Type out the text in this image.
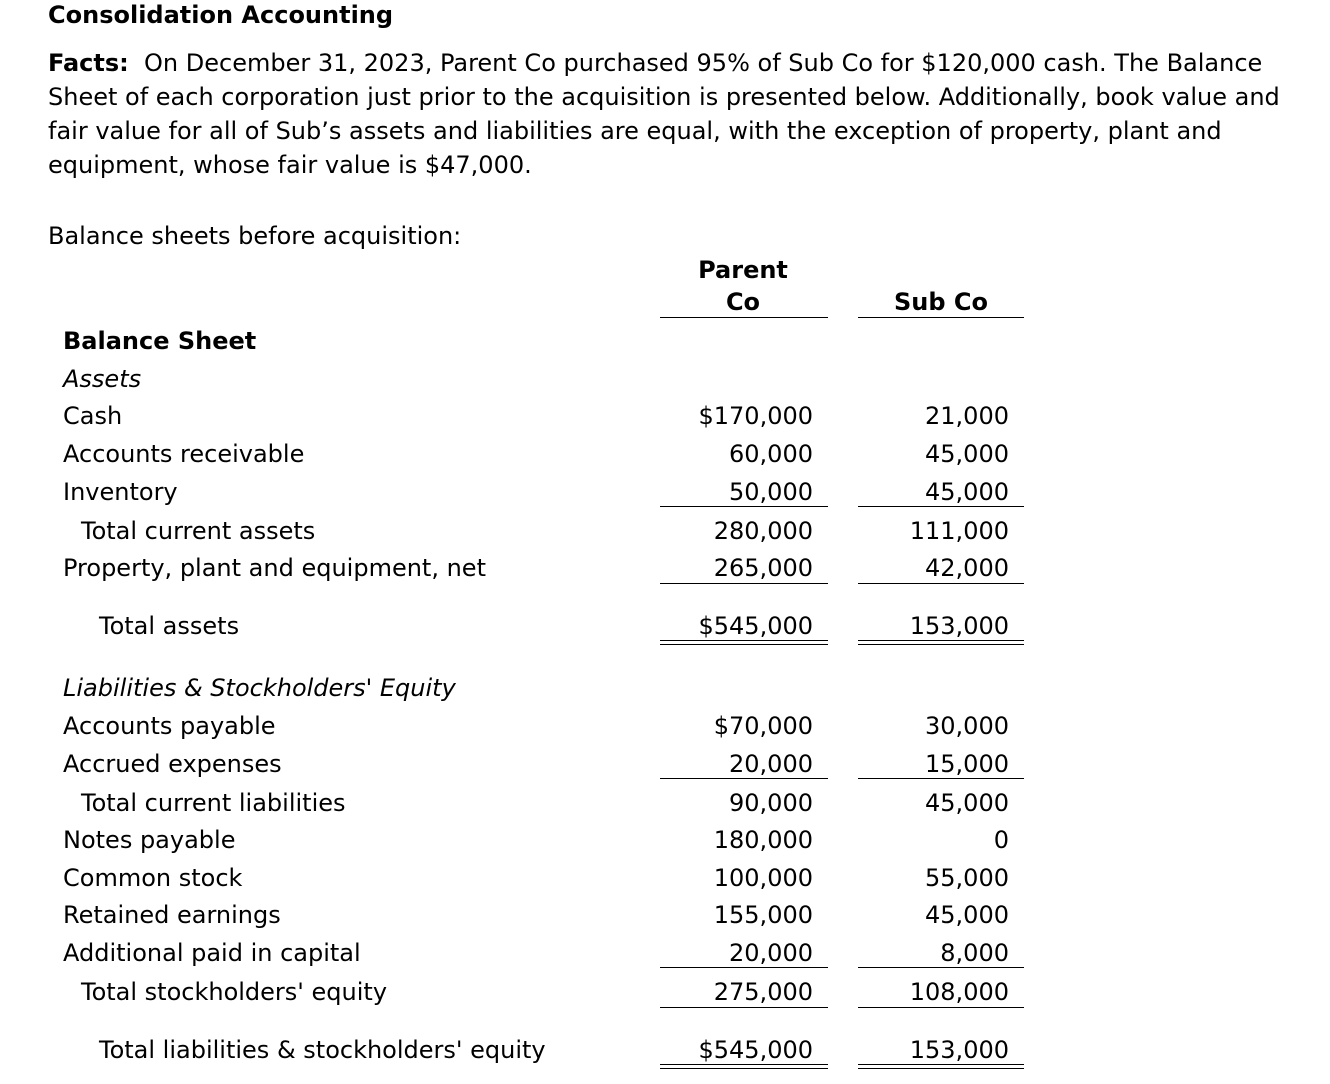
Consolidation Accounting
Facts: On December 31, 2023, Parent Co purchased 95% of Sub Co for $120,000 cash. The Balance Sheet of each corporation just prior to the acquisition is presented below. Additionally, book value and fair value for all of Sub’s assets and liabilities are equal, with the exception of property, plant and equipment, whose fair value is $47,000.
Balance sheets before acquisition:
Parent
Co	Sub Co
Balance Sheet
Assets
Liabilities & Stockholders' Equity
Cash	$170,000	21,000
Accounts receivable	60,000	45,000
Inventory	50,000	45,000
Total current assets	280,000	111,000
Property, plant and equipment, net	265,000	42,000
Total assets	$545,000	153,000
Accounts payable	$70,000	30,000
Accrued expenses	20,000	15,000
Total current liabilities	90,000	45,000
Notes payable	180,000	0
Common stock	100,000	55,000
Retained earnings	155,000	45,000
Additional paid in capital	20,000	8,000
Total stockholders' equity	275,000	108,000
Total liabilities & stockholders' equity	$545,000	153,000
